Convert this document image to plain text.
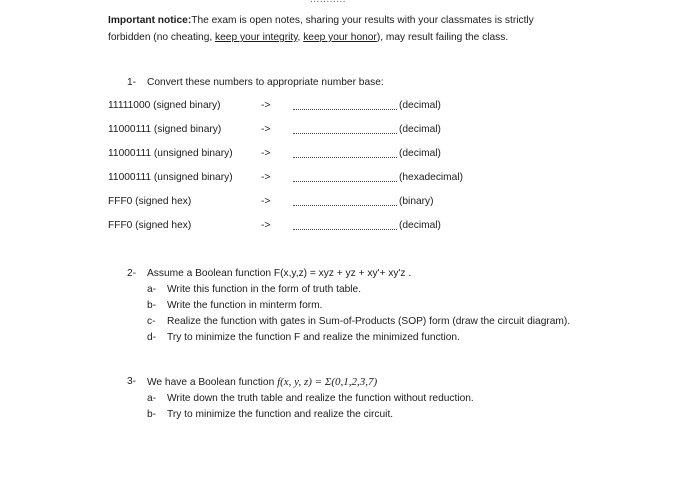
Important notice:The exam is open notes, sharing your results with your classmates is strictly
forbidden (no cheating, keep your integrity, keep your honor), may result failing the class.
1- Convert these numbers to appropriate number base:
11111000 (signed binary)	->	(decimal)
11000111 (signed binary)	->	(decimal)
11000111 (unsigned binary)	->	(decimal)
11000111 (unsigned binary)	->	(hexadecimal)
FFF0 (signed hex)	->	(binary)
FFF0 (signed hex)	->	(decimal)
2- Assume a Boolean function F(x,y,z) = xyz + yz + xy'+ xy'z .
a- Write this function in the form of truth table.
b- Write the function in minterm form.
c- Realize the function with gates in Sum-of-Products (SOP) form (draw the circuit diagram).
d- Try to minimize the function F and realize the minimized function.
3- We have a Boolean function f(x, y, z) = Σ(0,1,2,3,7)
a- Write down the truth table and realize the function without reduction.
b- Try to minimize the function and realize the circuit.
